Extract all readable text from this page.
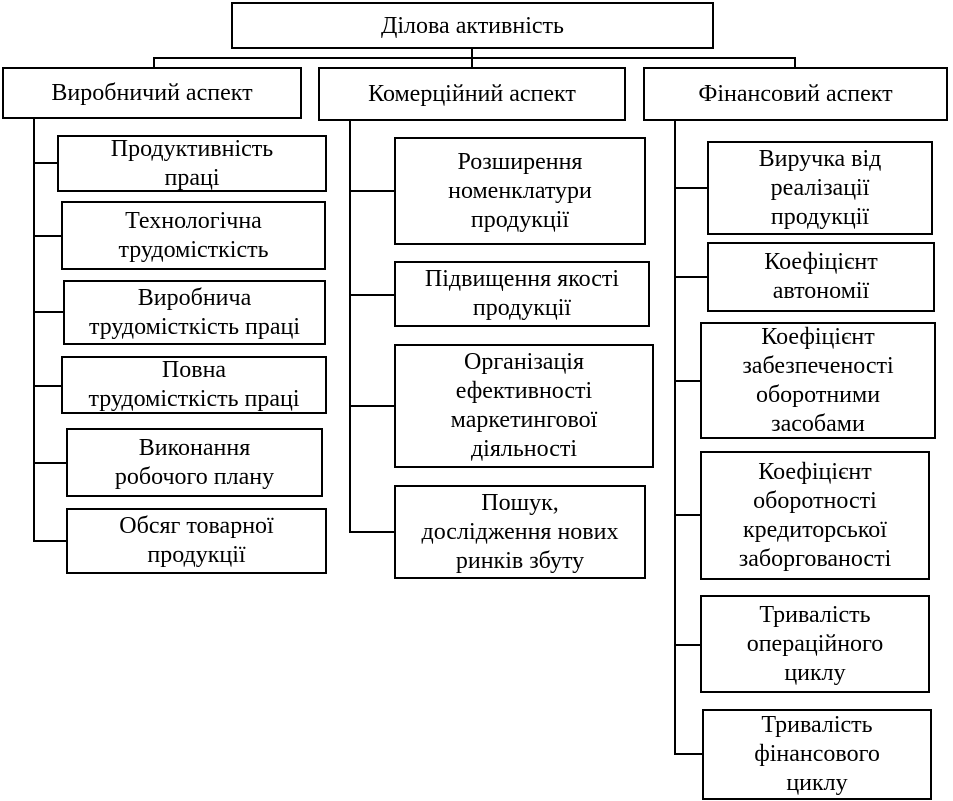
Ділова активність
Виробничий аспект	Комерційний аспект	Фінансовий аспект
Продуктивність
праці
Технологічна
трудомісткість
Виробнича
трудомісткість праці
Повна
трудомісткість праці
Виконання
робочого плану
Обсяг товарної
продукції
Розширення
номенклатури
продукції
Підвищення якості
продукції
Організація
ефективності
маркетингової
діяльності
Пошук,
дослідження нових
ринків збуту
Виручка від
реалізації
продукції
Коефіцієнт
автономії
Коефіцієнт
забезпеченості
оборотними
засобами
Коефіцієнт
оборотності
кредиторської
заборгованості
Тривалість
операційного
циклу
Тривалість
фінансового
циклу
